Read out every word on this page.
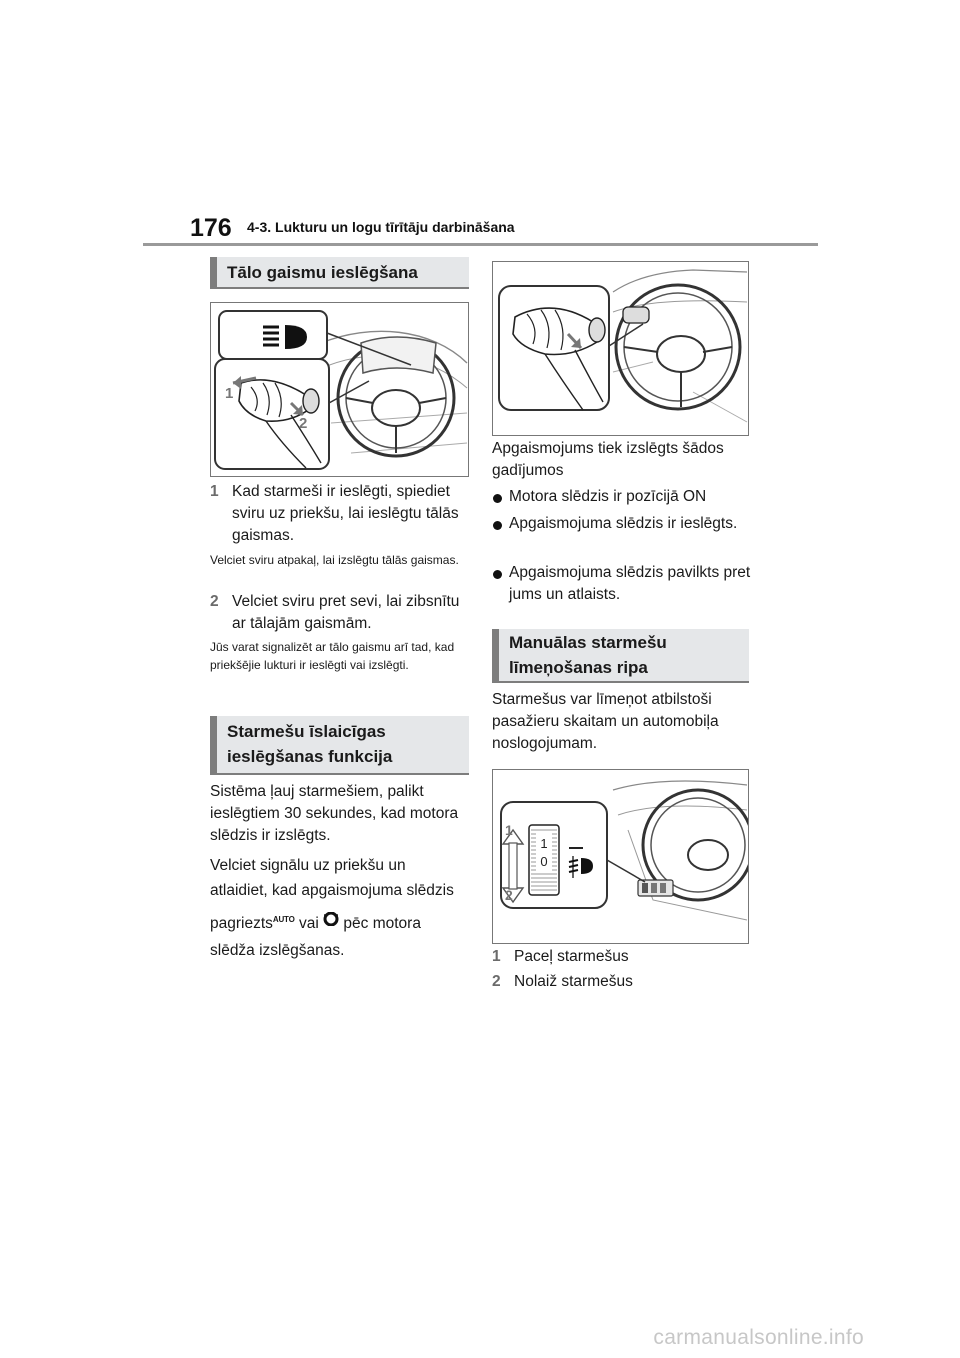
176 4-3. Lukturu un logu tīrītāju darbināšana
Tālo gaismu ieslēgšana
1
2
1 Kad starmeši ir ieslēgti, spiediet sviru uz priekšu, lai ieslēgtu tālās gaismas.
Velciet sviru atpakaļ, lai izslēgtu tālās gaismas.
2 Velciet sviru pret sevi, lai zibsnītu ar tālajām gaismām.
Jūs varat signalizēt ar tālo gaismu arī tad, kad priekšējie lukturi ir ieslēgti vai izslēgti.
Starmešu īslaicīgas ieslēgšanas funkcija
Sistēma ļauj starmešiem, palikt ieslēgtiem 30 sekundes, kad motora slēdzis ir izslēgts.
Velciet signālu uz priekšu un
atlaidiet, kad apgaismojuma slēdzis
pagrieztsAUTO vai pēc motora
slēdža izslēgšanas.
Apgaismojums tiek izslēgts šādos gadījumos
Motora slēdzis ir pozīcijā ON
Apgaismojuma slēdzis ir ieslēgts.
Apgaismojuma slēdzis pavilkts pret jums un atlaists.
Manuālas starmešu
līmeņošanas ripa
Starmešus var līmeņot atbilstoši pasažieru skaitam un automobiļa noslogojumam.
1
0
1
2
1 Paceļ starmešus
2 Nolaiž starmešus
carmanualsonline.info
